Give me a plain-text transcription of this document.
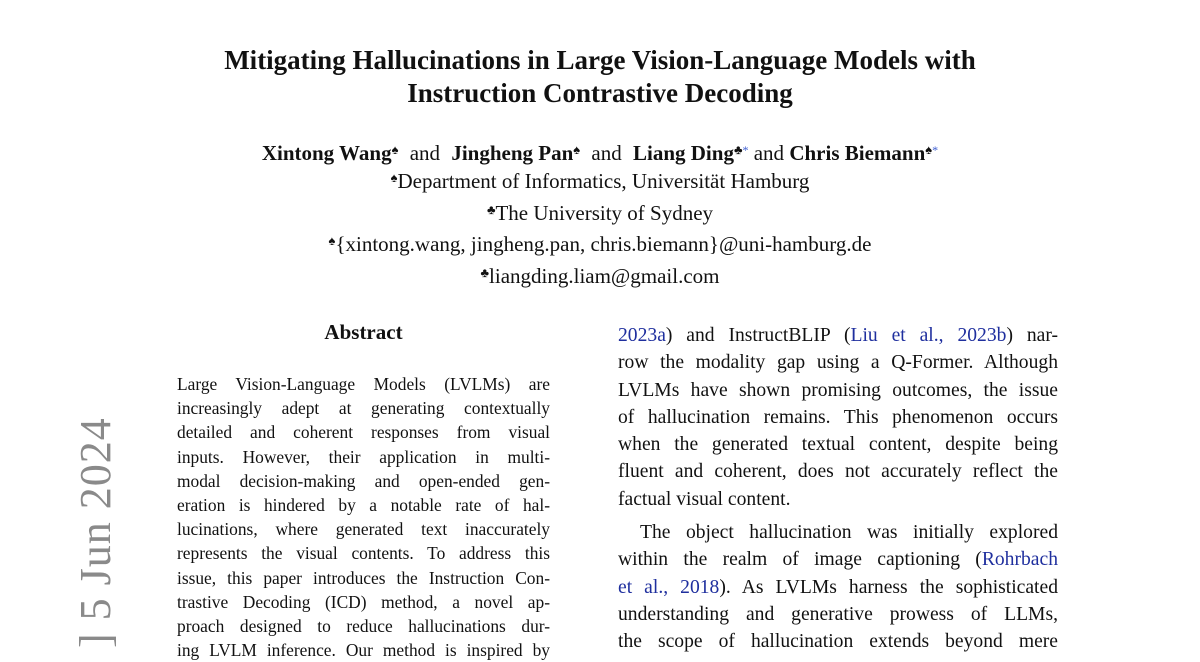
] 5 Jun 2024
Mitigating Hallucinations in Large Vision-Language Models with
Instruction Contrastive Decoding
Xintong Wang♠ and Jingheng Pan♠ and Liang Ding♣* and Chris Biemann♠*
♠Department of Informatics, Universität Hamburg
♣The University of Sydney
♠{xintong.wang, jingheng.pan, chris.biemann}@uni-hamburg.de
♣liangding.liam@gmail.com
Abstract
Large Vision-Language Models (LVLMs) are
increasingly adept at generating contextually
detailed and coherent responses from visual
inputs. However, their application in multi-
modal decision-making and open-ended gen-
eration is hindered by a notable rate of hal-
lucinations, where generated text inaccurately
represents the visual contents. To address this
issue, this paper introduces the Instruction Con-
trastive Decoding (ICD) method, a novel ap-
proach designed to reduce hallucinations dur-
ing LVLM inference. Our method is inspired by
2023a) and InstructBLIP (Liu et al., 2023b) nar-
row the modality gap using a Q-Former. Although
LVLMs have shown promising outcomes, the issue
of hallucination remains. This phenomenon occurs
when the generated textual content, despite being
fluent and coherent, does not accurately reflect the
factual visual content.
The object hallucination was initially explored
within the realm of image captioning (Rohrbach
et al., 2018). As LVLMs harness the sophisticated
understanding and generative prowess of LLMs,
the scope of hallucination extends beyond mere
